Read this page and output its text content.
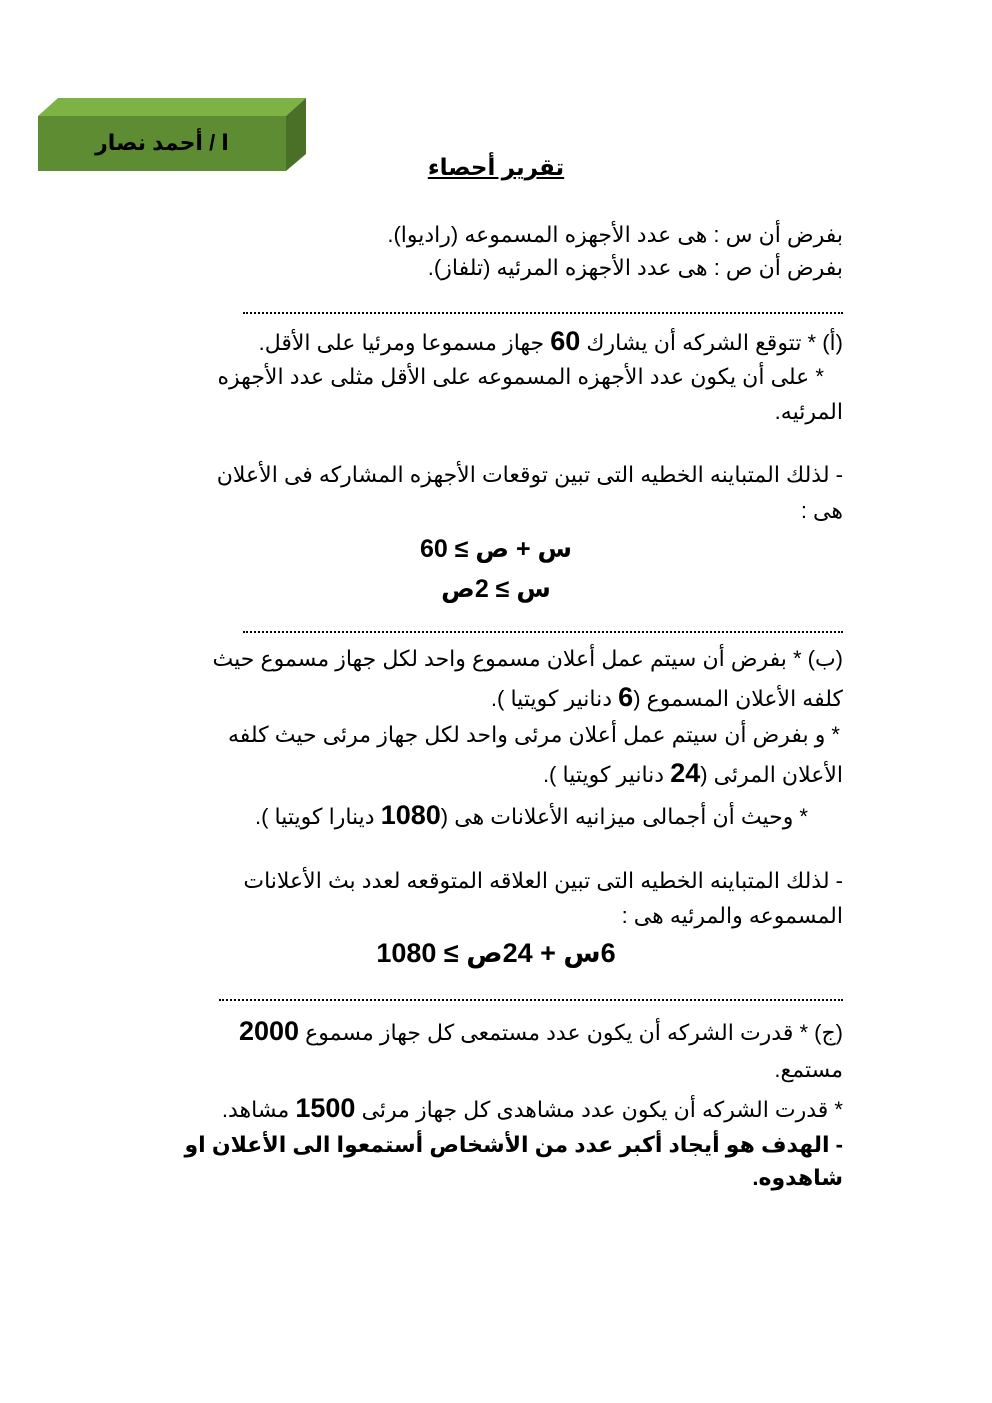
ا / أحمد نصار
تقرير أحصاء
بفرض أن س : هى عدد الأجهزه المسموعه (راديوا).
بفرض أن ص : هى عدد الأجهزه المرئيه (تلفاز).
(أ) * تتوقع الشركه أن يشارك 60 جهاز مسموعا ومرئيا على الأقل.
* على أن يكون عدد الأجهزه المسموعه على الأقل مثلى عدد الأجهزه
المرئيه.
- لذلك المتباينه الخطيه التى تبين توقعات الأجهزه المشاركه فى الأعلان
هى :
س + ص ≥ 60
س ≥ 2ص
(ب) * بفرض أن سيتم عمل أعلان مسموع واحد لكل جهاز مسموع حيث
كلفه الأعلان المسموع (6 دنانير كويتيا ).
* و بفرض أن سيتم عمل أعلان مرئى واحد لكل جهاز مرئى حيث كلفه
الأعلان المرئى (24 دنانير كويتيا ).
* وحيث أن أجمالى ميزانيه الأعلانات هى (1080 دينارا كويتيا ).
- لذلك المتباينه الخطيه التى تبين العلاقه المتوقعه لعدد بث الأعلانات
المسموعه والمرئيه هى :
6س + 24ص ≥ 1080
(ج) * قدرت الشركه أن يكون عدد مستمعى كل جهاز مسموع 2000
مستمع.
* قدرت الشركه أن يكون عدد مشاهدى كل جهاز مرئى 1500 مشاهد.
- الهدف هو أيجاد أكبر عدد من الأشخاص أستمعوا الى الأعلان او
شاهدوه.
